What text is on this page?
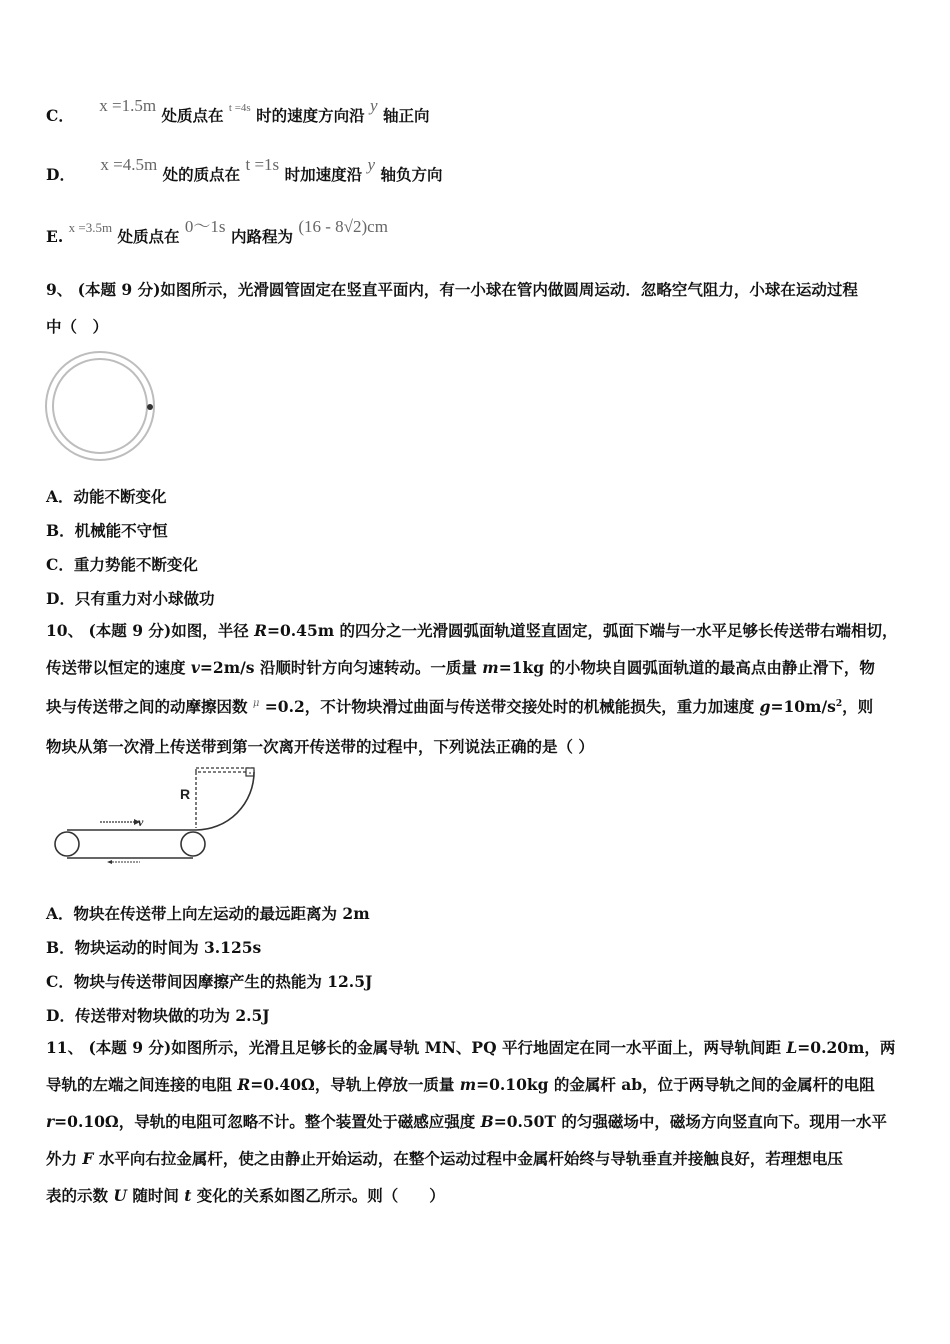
C． x =1.5m 处质点在 $^{t =4s}$ 时的速度方向沿 y 轴正向
D． x =4.5m 处的质点在 t =1s 时加速度沿 y 轴负方向
E. $^{x =3.5m}$ 处质点在 0～1s 内路程为 (16 - 8√2)cm

9、 (本题 9 分)如图所示，光滑圆管固定在竖直平面内，有一小球在管内做圆周运动．忽略空气阻力，小球在运动过程

中（　）

A．动能不断变化
B．机械能不守恒
C．重力势能不断变化
D．只有重力对小球做功

10、 (本题 9 分)如图，半径 R=0.45m 的四分之一光滑圆弧面轨道竖直固定，弧面下端与一水平足够长传送带右端相切，

传送带以恒定的速度 v=2m/s 沿顺时针方向匀速转动。一质量 m=1kg 的小物块自圆弧面轨道的最高点由静止滑下，物

块与传送带之间的动摩擦因数 $^\mu$ =0.2，不计物块滑过曲面与传送带交接处时的机械能损失，重力加速度 $g=10m/s^2$，则

物块从第一次滑上传送带到第一次离开传送带的过程中，下列说法正确的是（ ）

R
v
A．物块在传送带上向左运动的最远距离为 2m
B．物块运动的时间为 3.125s
C．物块与传送带间因摩擦产生的热能为 12.5J
D．传送带对物块做的功为 2.5J

11、 (本题 9 分)如图所示，光滑且足够长的金属导轨 MN、PQ 平行地固定在同一水平面上，两导轨间距 L=0.20m，两

导轨的左端之间连接的电阻 R=0.40Ω，导轨上停放一质量 m=0.10kg 的金属杆 ab，位于两导轨之间的金属杆的电阻

r=0.10Ω，导轨的电阻可忽略不计。整个装置处于磁感应强度 B=0.50T 的匀强磁场中，磁场方向竖直向下。现用一水平

外力 F 水平向右拉金属杆，使之由静止开始运动，在整个运动过程中金属杆始终与导轨垂直并接触良好，若理想电压

表的示数 U 随时间 t 变化的关系如图乙所示。则（　　）
